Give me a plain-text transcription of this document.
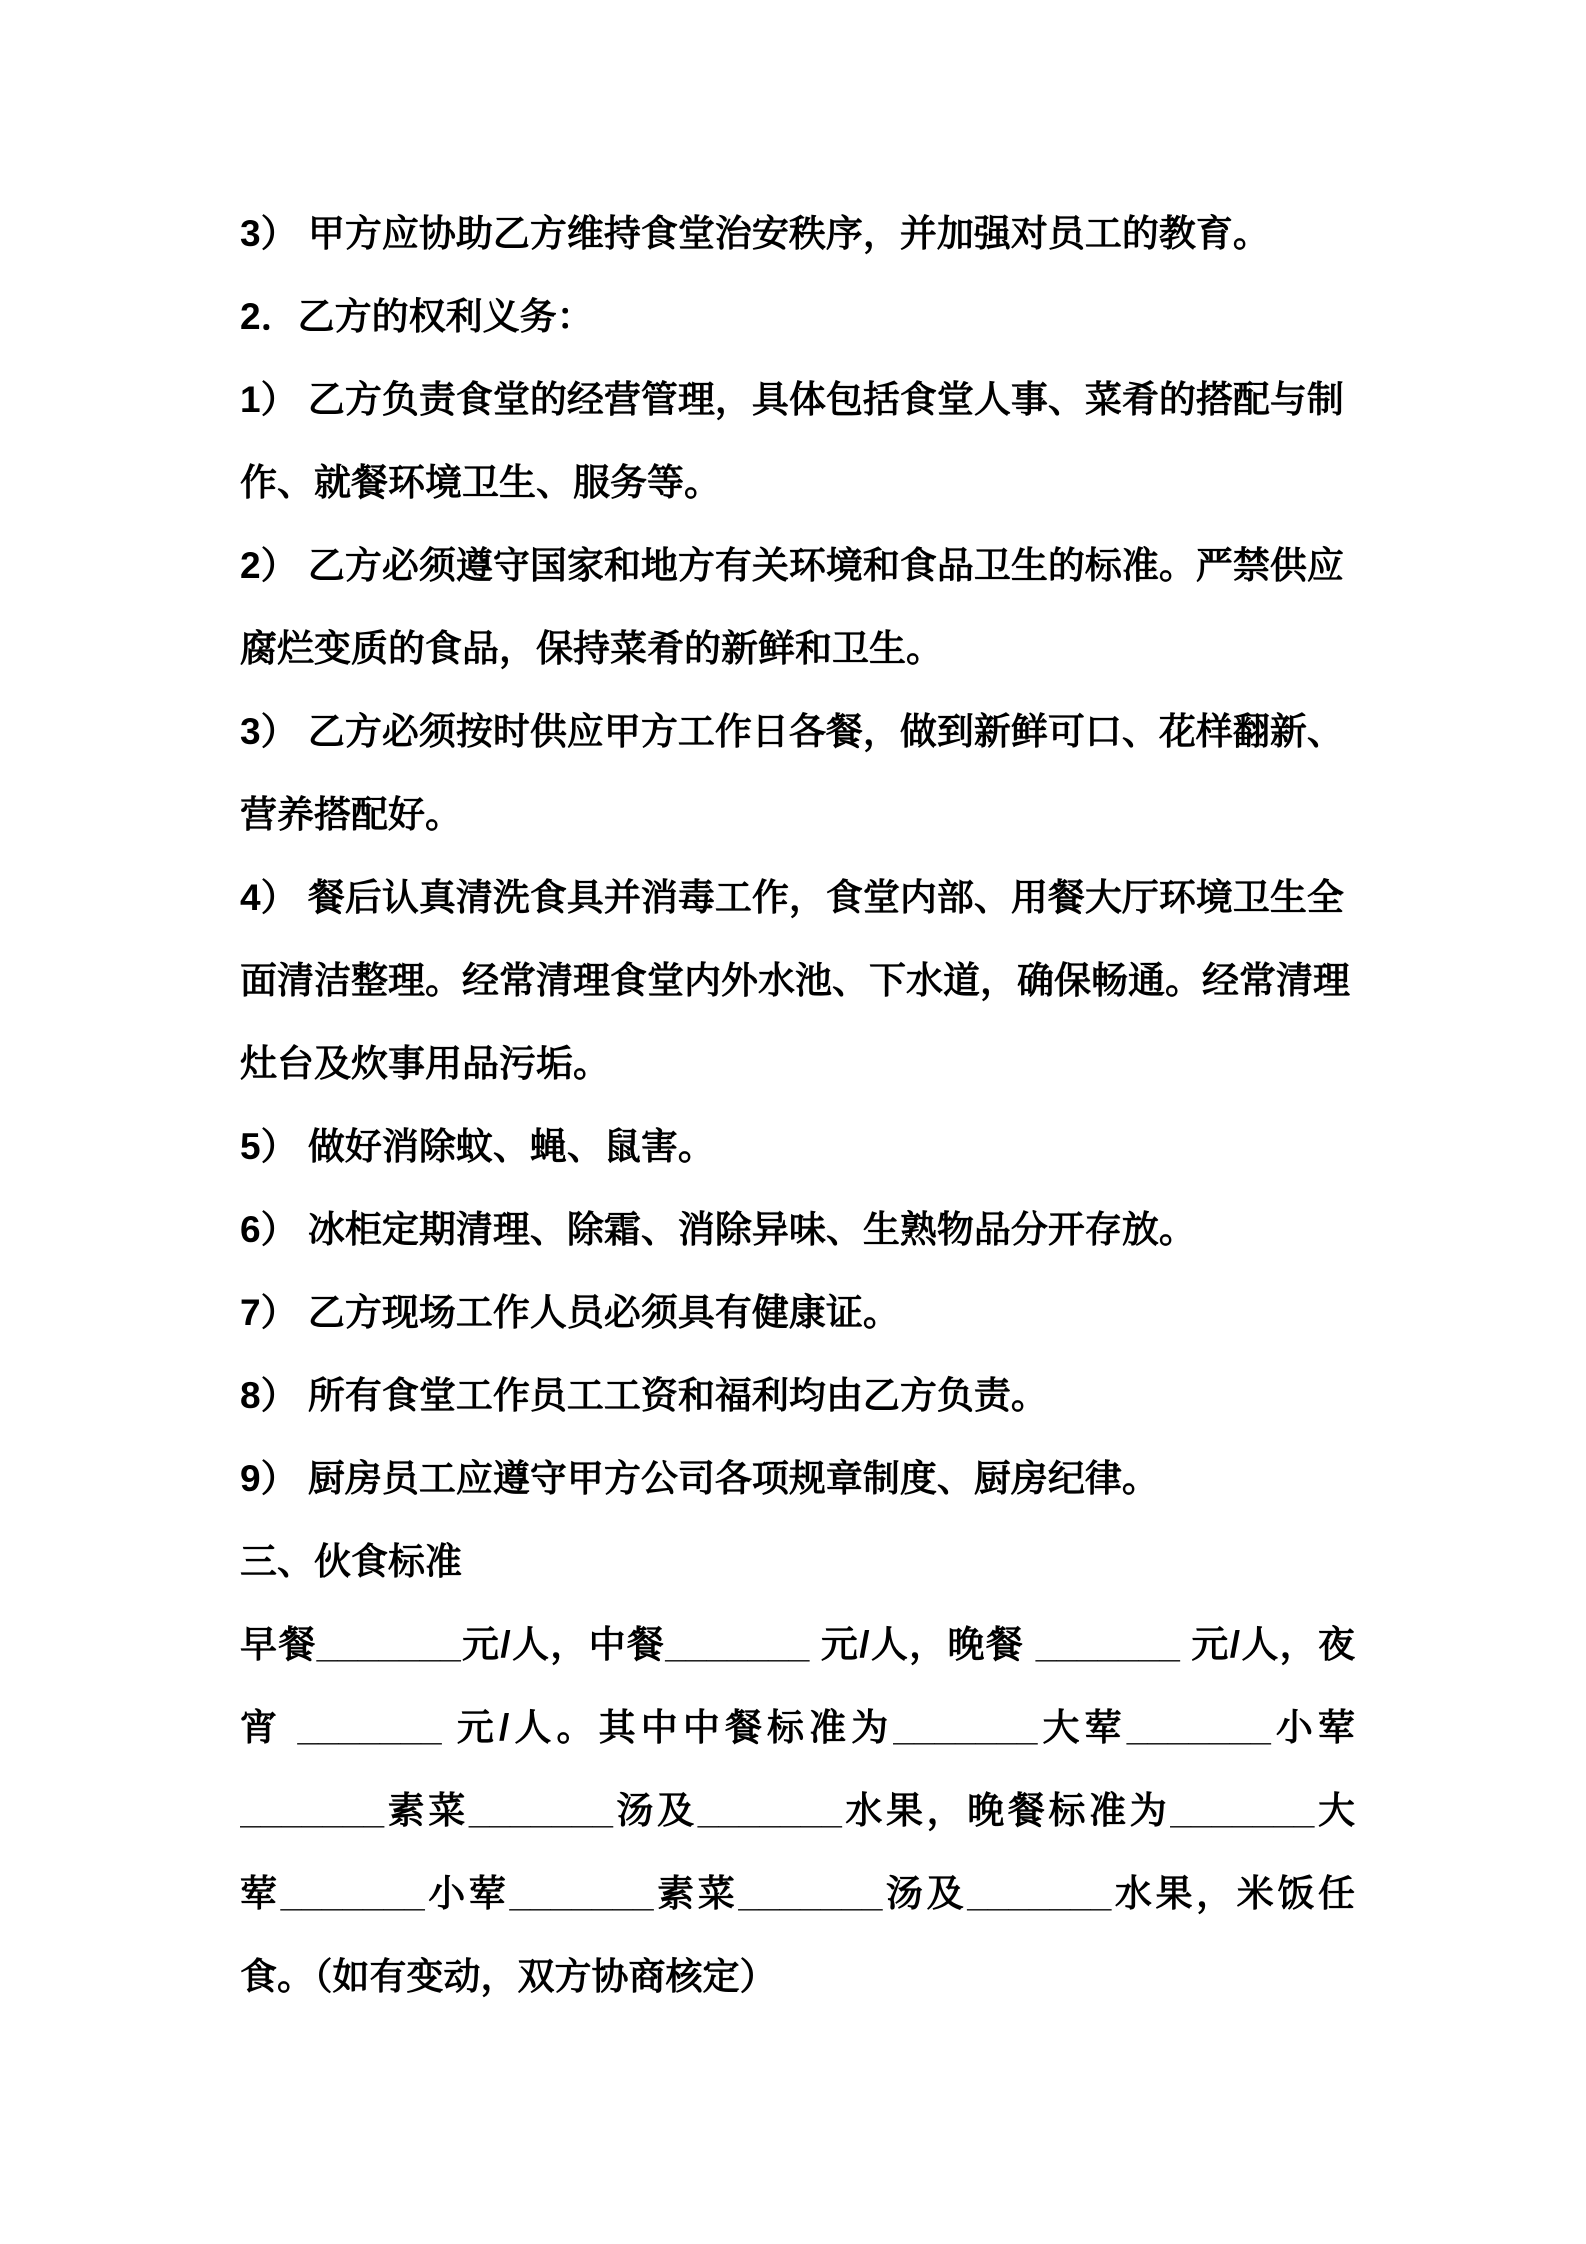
3） 甲方应协助乙方维持食堂治安秩序，并加强对员工的教育。
2．乙方的权利义务：
1） 乙方负责食堂的经营管理，具体包括食堂人事、菜肴的搭配与制
作、就餐环境卫生、服务等。
2） 乙方必须遵守国家和地方有关环境和食品卫生的标准。严禁供应
腐烂变质的食品，保持菜肴的新鲜和卫生。
3） 乙方必须按时供应甲方工作日各餐，做到新鲜可口、花样翻新、
营养搭配好。
4） 餐后认真清洗食具并消毒工作，食堂内部、用餐大厅环境卫生全
面清洁整理。经常清理食堂内外水池、下水道，确保畅通。经常清理
灶台及炊事用品污垢。
5） 做好消除蚊、蝇、鼠害。
6） 冰柜定期清理、除霜、消除异味、生熟物品分开存放。
7） 乙方现场工作人员必须具有健康证。
8） 所有食堂工作员工工资和福利均由乙方负责。
9） 厨房员工应遵守甲方公司各项规章制度、厨房纪律。
三、伙食标准
早餐_______元/人，中餐_______ 元/人，晚餐 _______ 元/人，夜
宵 _______ 元/人。其中中餐标准为_______大荤_______小荤
_______素菜_______汤及_______水果，晚餐标准为_______大
荤_______小荤_______素菜_______汤及_______水果，米饭任
食。（如有变动，双方协商核定）
